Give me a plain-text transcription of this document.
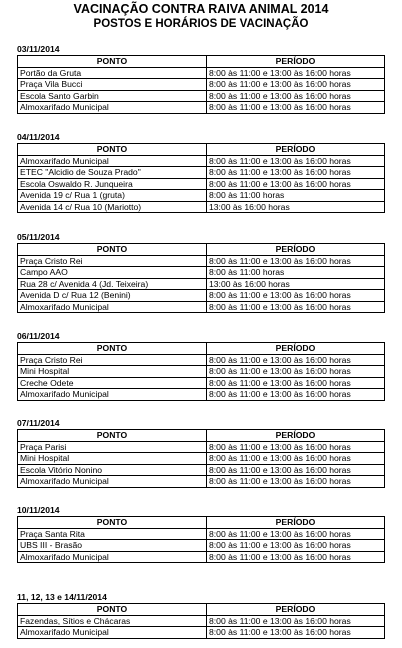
VACINAÇÃO CONTRA RAIVA ANIMAL 2014
POSTOS E HORÁRIOS DE VACINAÇÃO
03/11/2014
PONTO	PERÍODO
Portão da Gruta	8:00 às 11:00 e 13:00 às 16:00 horas
Praça Vila Bucci	8:00 às 11:00 e 13:00 às 16:00 horas
Escola Santo Garbin	8:00 às 11:00 e 13:00 às 16:00 horas
Almoxarifado Municipal	8:00 às 11:00 e 13:00 às 16:00 horas
04/11/2014
PONTO	PERÍODO
Almoxarifado Municipal	8:00 às 11:00 e 13:00 às 16:00 horas
ETEC "Alcidio de Souza Prado"	8:00 às 11:00 e 13:00 às 16:00 horas
Escola Oswaldo R. Junqueira	8:00 às 11:00 e 13:00 às 16:00 horas
Avenida 19 c/ Rua 1 (gruta)	8:00 às 11:00 horas
Avenida 14 c/ Rua 10 (Mariotto)	13:00 às 16:00 horas
05/11/2014
PONTO	PERÍODO
Praça Cristo Rei	8:00 às 11:00 e 13:00 às 16:00 horas
Campo AAO	8:00 às 11:00 horas
Rua 28 c/ Avenida 4 (Jd. Teixeira)	13:00 às 16:00 horas
Avenida D c/ Rua 12 (Benini)	8:00 às 11:00 e 13:00 às 16:00 horas
Almoxarifado Municipal	8:00 às 11:00 e 13:00 às 16:00 horas
06/11/2014
PONTO	PERÍODO
Praça Cristo Rei	8:00 às 11:00 e 13:00 às 16:00 horas
Mini Hospital	8:00 às 11:00 e 13:00 às 16:00 horas
Creche Odete	8:00 às 11:00 e 13:00 às 16:00 horas
Almoxarifado Municipal	8:00 às 11:00 e 13:00 às 16:00 horas
07/11/2014
PONTO	PERÍODO
Praça Parisi	8:00 às 11:00 e 13:00 às 16:00 horas
Mini Hospital	8:00 às 11:00 e 13:00 às 16:00 horas
Escola Vitório Nonino	8:00 às 11:00 e 13:00 às 16:00 horas
Almoxarifado Municipal	8:00 às 11:00 e 13:00 às 16:00 horas
10/11/2014
PONTO	PERÍODO
Praça Santa Rita	8:00 às 11:00 e 13:00 às 16:00 horas
UBS III - Brasão	8:00 às 11:00 e 13:00 às 16:00 horas
Almoxarifado Municipal	8:00 às 11:00 e 13:00 às 16:00 horas
11, 12, 13 e 14/11/2014
PONTO	PERÍODO
Fazendas, Sítios e Chácaras	8:00 às 11:00 e 13:00 às 16:00 horas
Almoxarifado Municipal	8:00 às 11:00 e 13:00 às 16:00 horas
